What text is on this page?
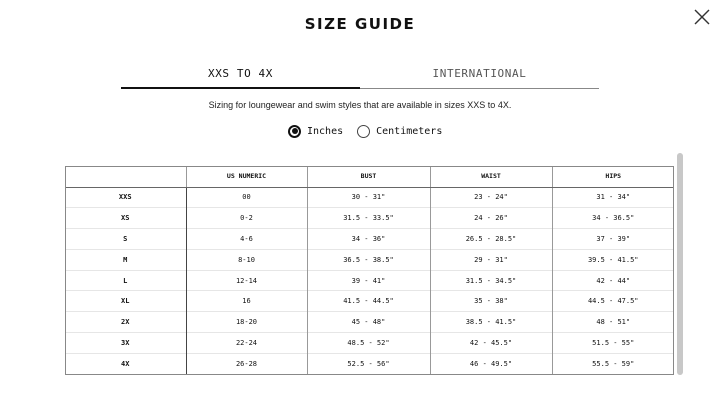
SIZE GUIDE
XXS TO 4X	INTERNATIONAL
Sizing for loungewear and swim styles that are available in sizes XXS to 4X.
Inches	Centimeters
	US NUMERIC	BUST	WAIST	HIPS
XXS	00	30 - 31"	23 - 24"	31 - 34"
XS	0-2	31.5 - 33.5"	24 - 26"	34 - 36.5"
S	4-6	34 - 36"	26.5 - 28.5"	37 - 39"
M	8-10	36.5 - 38.5"	29 - 31"	39.5 - 41.5"
L	12-14	39 - 41"	31.5 - 34.5"	42 - 44"
XL	16	41.5 - 44.5"	35 - 38"	44.5 - 47.5"
2X	18-20	45 - 48"	38.5 - 41.5"	48 - 51"
3X	22-24	48.5 - 52"	42 - 45.5"	51.5 - 55"
4X	26-28	52.5 - 56"	46 - 49.5"	55.5 - 59"
